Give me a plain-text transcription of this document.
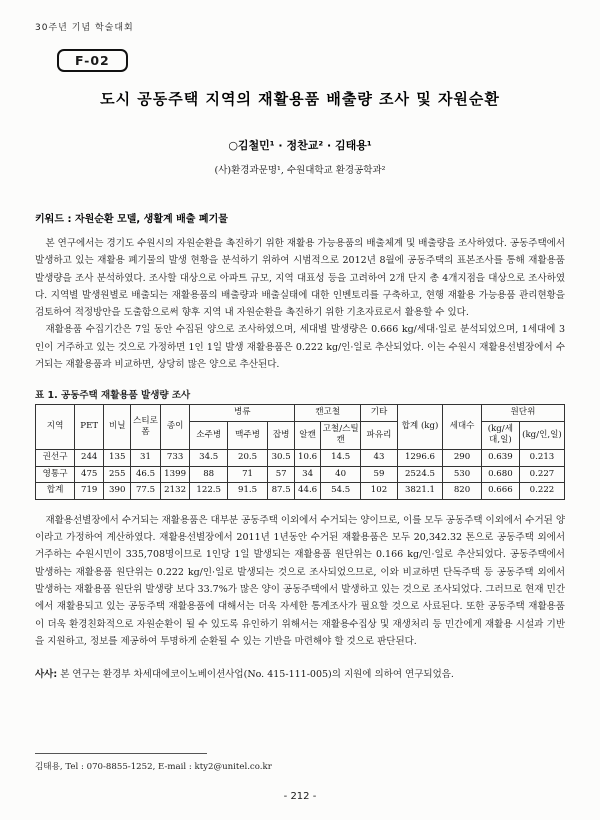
30주년 기념 학술대회
F-02
도시 공동주택 지역의 재활용품 배출량 조사 및 자원순환
○김철민¹ · 정찬교² · 김태용¹
(사)환경과문명¹, 수원대학교 환경공학과²
키워드 : 자원순환 모델, 생활계 배출 폐기물

본 연구에서는 경기도 수원시의 자원순환을 촉진하기 위한 재활용 가능용품의 배출체계 및 배출량을 조사하였다. 공동주택에서 발생하고 있는 재활용 폐기물의 발생 현황을 분석하기 위하여 시범적으로 2012년 8월에 공동주택의 표본조사를 통해 재활용품 발생량을 조사 분석하였다. 조사할 대상으로 아파트 규모, 지역 대표성 등을 고려하여 2개 단지 총 4개지점을 대상으로 조사하였다. 지역별 발생원별로 배출되는 재활용품의 배출량과 배출실태에 대한 인벤토리를 구축하고, 현행 재활용 가능용품 관리현황을 검토하여 적정방안을 도출함으로써 향후 지역 내 자원순환을 촉진하기 위한 기초자료로서 활용할 수 있다.

재활용품 수집기간은 7일 동안 수집된 양으로 조사하였으며, 세대별 발생량은 0.666 kg/세대·일로 분석되었으며, 1세대에 3인이 거주하고 있는 것으로 가정하면 1인 1일 발생 재활용품은 0.222 kg/인·일로 추산되었다. 이는 수원시 재활용선별장에서 수거되는 재활용품과 비교하면, 상당히 많은 양으로 추산된다.

표 1. 공동주택 재활용품 발생량 조사
지역	PET	비닐	스티로폼	종이	병류			캔고철		기타	합계 (kg)	세대수	원단위	
					소주병	맥주병	잡병	알캔	고철/스틸캔	파유리			(kg/세대,일)	(kg/인,일)
권선구	244	135	31	733	34.5	20.5	30.5	10.6	14.5	43	1296.6	290	0.639	0.213
영통구	475	255	46.5	1399	88	71	57	34	40	59	2524.5	530	0.680	0.227
합계	719	390	77.5	2132	122.5	91.5	87.5	44.6	54.5	102	3821.1	820	0.666	0.222

재활용선별장에서 수거되는 재활용품은 대부분 공동주택 이외에서 수거되는 양이므로, 이를 모두 공동주택 이외에서 수거된 양이라고 가정하여 계산하였다. 재활용선별장에서 2011년 1년동안 수거된 재활용품은 모두 20,342.32 톤으로 공동주택 외에서 거주하는 수원시민이 335,708명이므로 1인당 1일 발생되는 재활용품 원단위는 0.166 kg/인·일로 추산되었다. 공동주택에서 발생하는 재활용품 원단위는 0.222 kg/인·일로 발생되는 것으로 조사되었으므로, 이와 비교하면 단독주택 등 공동주택 외에서 발생하는 재활용품 원단위 발생량 보다 33.7%가 많은 양이 공동주택에서 발생하고 있는 것으로 조사되었다. 그러므로 현재 민간에서 재활용되고 있는 공동주택 재활용품에 대해서는 더욱 자세한 통계조사가 필요할 것으로 사료된다. 또한 공동주택 재활용품이 더욱 환경친화적으로 자원순환이 될 수 있도록 유인하기 위해서는 재활용수집상 및 재생처리 등 민간에게 재활용 시설과 기반을 지원하고, 정보를 제공하여 투명하게 순환될 수 있는 기반을 마련해야 할 것으로 판단된다.

사사: 본 연구는 환경부 차세대에코이노베이션사업(No. 415-111-005)의 지원에 의하여 연구되었음.
김태용, Tel : 070-8855-1252, E-mail : kty2@unitel.co.kr
- 212 -
